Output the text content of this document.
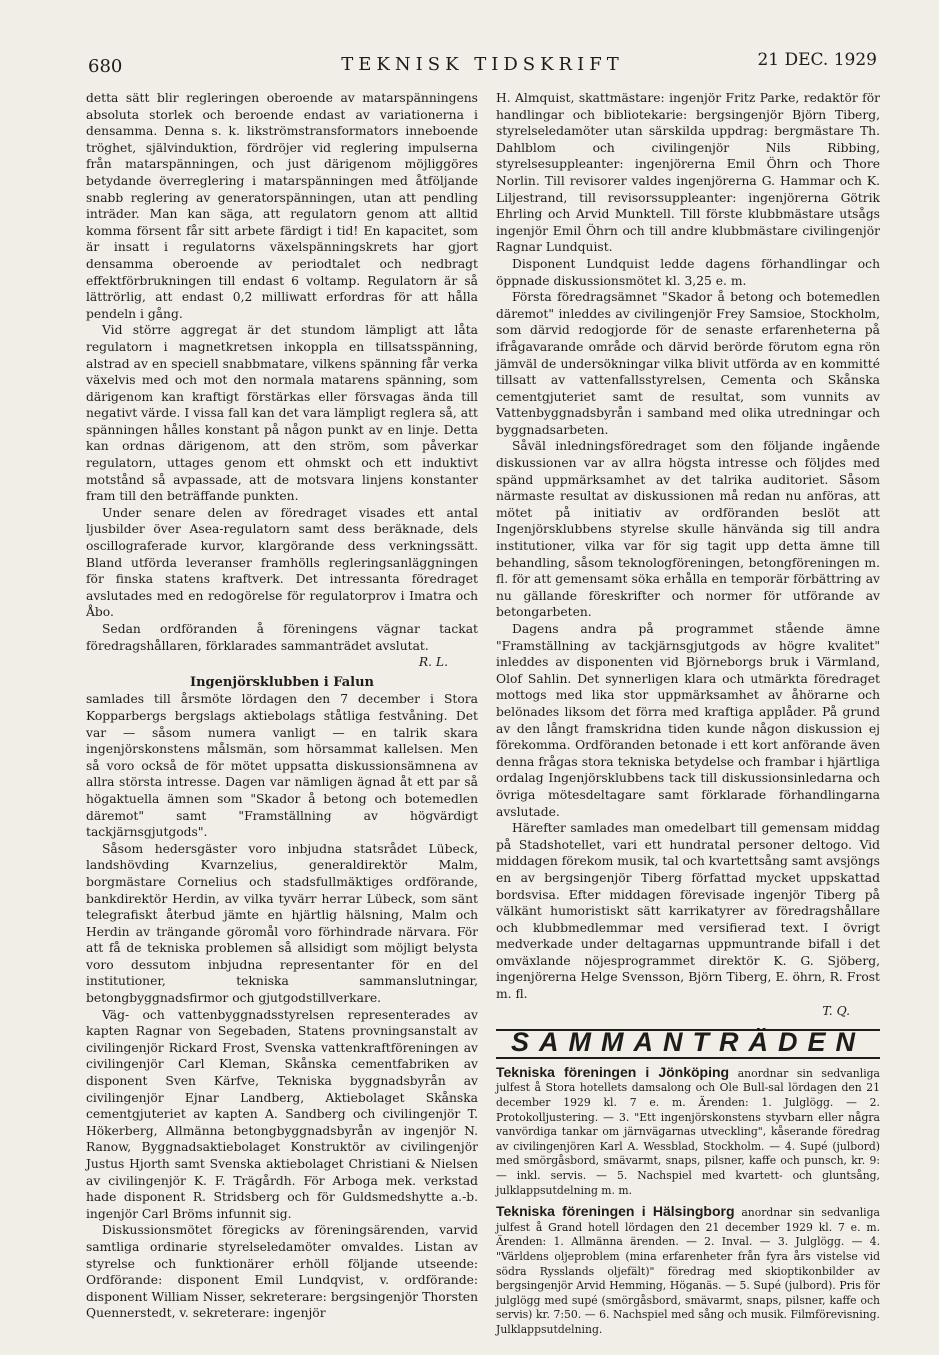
680	TEKNISK TIDSKRIFT	21 DEC. 1929

detta sätt blir regleringen oberoende av matarspänningens absoluta storlek och beroende endast av variationerna i densamma. Denna s. k. likströmstransformators inneboende tröghet, självinduktion, fördröjer vid reglering impulserna från matarspänningen, och just därigenom möjliggöres betydande överreglering i matarspänningen med åtföljande snabb reglering av generatorspänningen, utan att pendling inträder. Man kan säga, att regulatorn genom att alltid komma försent får sitt arbete färdigt i tid! En kapacitet, som är insatt i regulatorns växelspänningskrets har gjort densamma oberoende av periodtalet och nedbragt effektförbrukningen till endast 6 voltamp. Regulatorn är så lättrörlig, att endast 0,2 milliwatt erfordras för att hålla pendeln i gång.

Vid större aggregat är det stundom lämpligt att låta regulatorn i magnetkretsen inkoppla en tillsatsspänning, alstrad av en speciell snabbmatare, vilkens spänning får verka växelvis med och mot den normala matarens spänning, som därigenom kan kraftigt förstärkas eller försvagas ända till negativt värde. I vissa fall kan det vara lämpligt reglera så, att spänningen hålles konstant på någon punkt av en linje. Detta kan ordnas därigenom, att den ström, som påverkar regulatorn, uttages genom ett ohmskt och ett induktivt motstånd så avpassade, att de motsvara linjens konstanter fram till den beträffande punkten.

Under senare delen av föredraget visades ett antal ljusbilder över Asea-regulatorn samt dess beräknade, dels oscillograferade kurvor, klargörande dess verkningssätt. Bland utförda leveranser framhölls regleringsanläggningen för finska statens kraftverk. Det intressanta föredraget avslutades med en redogörelse för regulatorprov i Imatra och Åbo.

Sedan ordföranden å föreningens vägnar tackat föredragshållaren, förklarades sammanträdet avslutat.

R. L.
Ingenjörsklubben i Falun

samlades till årsmöte lördagen den 7 december i Stora Kopparbergs bergslags aktiebolags ståtliga festvåning. Det var — såsom numera vanligt — en talrik skara ingenjörskonstens målsmän, som hörsammat kallelsen. Men så voro också de för mötet uppsatta diskussionsämnena av allra största intresse. Dagen var nämligen ägnad åt ett par så högaktuella ämnen som "Skador å betong och botemedlen däremot" samt "Framställning av högvärdigt tackjärnsgjutgods".

Såsom hedersgäster voro inbjudna statsrådet Lübeck, landshövding Kvarnzelius, generaldirektör Malm, borgmästare Cornelius och stadsfullmäktiges ordförande, bankdirektör Herdin, av vilka tyvärr herrar Lübeck, som sänt telegrafiskt återbud jämte en hjärtlig hälsning, Malm och Herdin av trängande göromål voro förhindrade närvara. För att få de tekniska problemen så allsidigt som möjligt belysta voro dessutom inbjudna representanter för en del institutioner, tekniska sammanslutningar, betongbyggnadsfirmor och gjutgodstillverkare.

Väg- och vattenbyggnadsstyrelsen representerades av kapten Ragnar von Segebaden, Statens provningsanstalt av civilingenjör Rickard Frost, Svenska vattenkraftföreningen av civilingenjör Carl Kleman, Skånska cementfabriken av disponent Sven Kärfve, Tekniska byggnadsbyrån av civilingenjör Ejnar Landberg, Aktiebolaget Skånska cementgjuteriet av kapten A. Sandberg och civilingenjör T. Hökerberg, Allmänna betongbyggnadsbyrån av ingenjör N. Ranow, Byggnadsaktiebolaget Konstruktör av civilingenjör Justus Hjorth samt Svenska aktiebolaget Christiani & Nielsen av civilingenjör K. F. Trägårdh. För Arboga mek. verkstad hade disponent R. Stridsberg och för Guldsmedshytte a.-b. ingenjör Carl Bröms infunnit sig.

Diskussionsmötet föregicks av föreningsärenden, varvid samtliga ordinarie styrelseledamöter omvaldes. Listan av styrelse och funktionärer erhöll följande utseende: Ordförande: disponent Emil Lundqvist, v. ordförande: disponent William Nisser, sekreterare: bergsingenjör Thorsten Quennerstedt, v. sekreterare: ingenjör

H. Almquist, skattmästare: ingenjör Fritz Parke, redaktör för handlingar och bibliotekarie: bergsingenjör Björn Tiberg, styrelseledamöter utan särskilda uppdrag: bergmästare Th. Dahlblom och civilingenjör Nils Ribbing, styrelsesuppleanter: ingenjörerna Emil Öhrn och Thore Norlin. Till revisorer valdes ingenjörerna G. Hammar och K. Liljestrand, till revisorssuppleanter: ingenjörerna Götrik Ehrling och Arvid Munktell. Till förste klubbmästare utsågs ingenjör Emil Öhrn och till andre klubbmästare civilingenjör Ragnar Lundquist.

Disponent Lundquist ledde dagens förhandlingar och öppnade diskussionsmötet kl. 3,25 e. m.

Första föredragsämnet "Skador å betong och botemedlen däremot" inleddes av civilingenjör Frey Samsioe, Stockholm, som därvid redogjorde för de senaste erfarenheterna på ifrågavarande område och därvid berörde förutom egna rön jämväl de undersökningar vilka blivit utförda av en kommitté tillsatt av vattenfallsstyrelsen, Cementa och Skånska cementgjuteriet samt de resultat, som vunnits av Vattenbyggnadsbyrån i samband med olika utredningar och byggnadsarbeten.

Såväl inledningsföredraget som den följande ingående diskussionen var av allra högsta intresse och följdes med spänd uppmärksamhet av det talrika auditoriet. Såsom närmaste resultat av diskussionen må redan nu anföras, att mötet på initiativ av ordföranden beslöt att Ingenjörsklubbens styrelse skulle hänvända sig till andra institutioner, vilka var för sig tagit upp detta ämne till behandling, såsom teknologföreningen, betongföreningen m. fl. för att gemensamt söka erhålla en temporär förbättring av nu gällande föreskrifter och normer för utförande av betongarbeten.

Dagens andra på programmet stående ämne "Framställning av tackjärnsgjutgods av högre kvalitet" inleddes av disponenten vid Björneborgs bruk i Värmland, Olof Sahlin. Det synnerligen klara och utmärkta föredraget mottogs med lika stor uppmärksamhet av åhörarne och belönades liksom det förra med kraftiga applåder. På grund av den långt framskridna tiden kunde någon diskussion ej förekomma. Ordföranden betonade i ett kort anförande även denna frågas stora tekniska betydelse och frambar i hjärtliga ordalag Ingenjörsklubbens tack till diskussionsinledarna och övriga mötesdeltagare samt förklarade förhandlingarna avslutade.

Härefter samlades man omedelbart till gemensam middag på Stadshotellet, vari ett hundratal personer deltogo. Vid middagen förekom musik, tal och kvartettsång samt avsjöngs en av bergsingenjör Tiberg författad mycket uppskattad bordsvisa. Efter middagen förevisade ingenjör Tiberg på välkänt humoristiskt sätt karrikatyrer av föredragshållare och klubbmedlemmar med versifierad text. I övrigt medverkade under deltagarnas uppmuntrande bifall i det omväxlande nöjesprogrammet direktör K. G. Sjöberg, ingenjörerna Helge Svensson, Björn Tiberg, E. öhrn, R. Frost m. fl.

T. Q.
SAMMANTRÄDEN
Tekniska föreningen i Jönköping anordnar sin sedvanliga julfest å Stora hotellets damsalong och Ole Bull-sal lördagen den 21 december 1929 kl. 7 e. m. Ärenden: 1. Julglögg. — 2. Protokolljustering. — 3. "Ett ingenjörskonstens styvbarn eller några vanvördiga tankar om järnvägarnas utveckling", kåserande föredrag av civilingenjören Karl A. Wessblad, Stockholm. — 4. Supé (julbord) med smörgåsbord, smävarmt, snaps, pilsner, kaffe och punsch, kr. 9:— inkl. servis. — 5. Nachspiel med kvartett- och gluntsång, julklappsutdelning m. m.
Tekniska föreningen i Hälsingborg anordnar sin sedvanliga julfest å Grand hotell lördagen den 21 december 1929 kl. 7 e. m. Ärenden: 1. Allmänna ärenden. — 2. Inval. — 3. Julglögg. — 4. "Världens oljeproblem (mina erfarenheter från fyra års vistelse vid södra Rysslands oljefält)" föredrag med skioptikonbilder av bergsingenjör Arvid Hemming, Höganäs. — 5. Supé (julbord). Pris för julglögg med supé (smörgåsbord, smävarmt, snaps, pilsner, kaffe och servis) kr. 7:50. — 6. Nachspiel med sång och musik. Filmförevisning. Julklappsutdelning.
